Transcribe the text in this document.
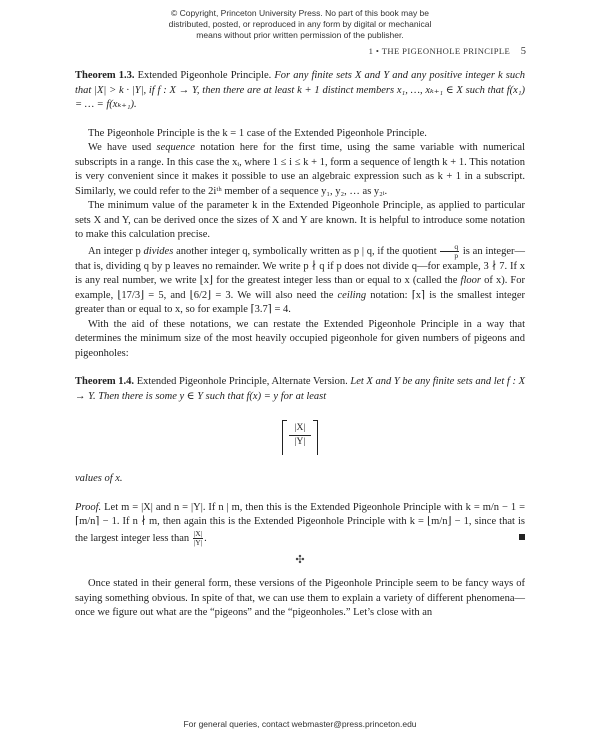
© Copyright, Princeton University Press. No part of this book may be
distributed, posted, or reproduced in any form by digital or mechanical
means without prior written permission of the publisher.
1 • THE PIGEONHOLE PRINCIPLE 5

Theorem 1.3. Extended Pigeonhole Principle. For any finite sets X and Y and any positive integer k such that |X| > k · |Y|, if f : X → Y, then there are at least k + 1 distinct members x₁, …, xₖ₊₁ ∈ X such that f(x₁) = … = f(xₖ₊₁).

The Pigeonhole Principle is the k = 1 case of the Extended Pigeonhole Principle.

We have used sequence notation here for the first time, using the same variable with numerical subscripts in a range. In this case the xᵢ, where 1 ≤ i ≤ k + 1, form a sequence of length k + 1. This notation is very convenient since it makes it possible to use an algebraic expression such as k + 1 in a subscript. Similarly, we could refer to the 2iᵗʰ member of a sequence y₁, y₂, … as y₂ᵢ.

The minimum value of the parameter k in the Extended Pigeonhole Principle, as applied to particular sets X and Y, can be derived once the sizes of X and Y are known. It is helpful to introduce some notation to make this calculation precise.

An integer p divides another integer q, symbolically written as p | q, if the quotient $\frac{q}{p}$ is an integer—that is, dividing q by p leaves no remainder. We write p ∤ q if p does not divide q—for example, 3 ∤ 7. If x is any real number, we write ⌊x⌋ for the greatest integer less than or equal to x (called the floor of x). For example, ⌊17/3⌋ = 5, and ⌊6/2⌋ = 3. We will also need the ceiling notation: ⌈x⌉ is the smallest integer greater than or equal to x, so for example ⌈3.7⌉ = 4.

With the aid of these notations, we can restate the Extended Pigeonhole Principle in a way that determines the minimum size of the most heavily occupied pigeonhole for given numbers of pigeons and pigeonholes:

Theorem 1.4. Extended Pigeonhole Principle, Alternate Version. Let X and Y be any finite sets and let f : X → Y. Then there is some y ∈ Y such that f(x) = y for at least

$\frac{|X|}{|Y|}$

values of x.

Proof. Let m = |X| and n = |Y|. If n | m, then this is the Extended Pigeonhole Principle with k = m/n − 1 = ⌈m/n⌉ − 1. If n ∤ m, then again this is the Extended Pigeonhole Principle with k = ⌊m/n⌋ − 1, since that is the largest integer less than $\frac{|X|}{|Y|}$ .

✣

Once stated in their general form, these versions of the Pigeonhole Principle seem to be fancy ways of saying something obvious. In spite of that, we can use them to explain a variety of different phenomena—once we figure out what are the “pigeons” and the “pigeonholes.” Let’s close with an

For general queries, contact webmaster@press.princeton.edu
